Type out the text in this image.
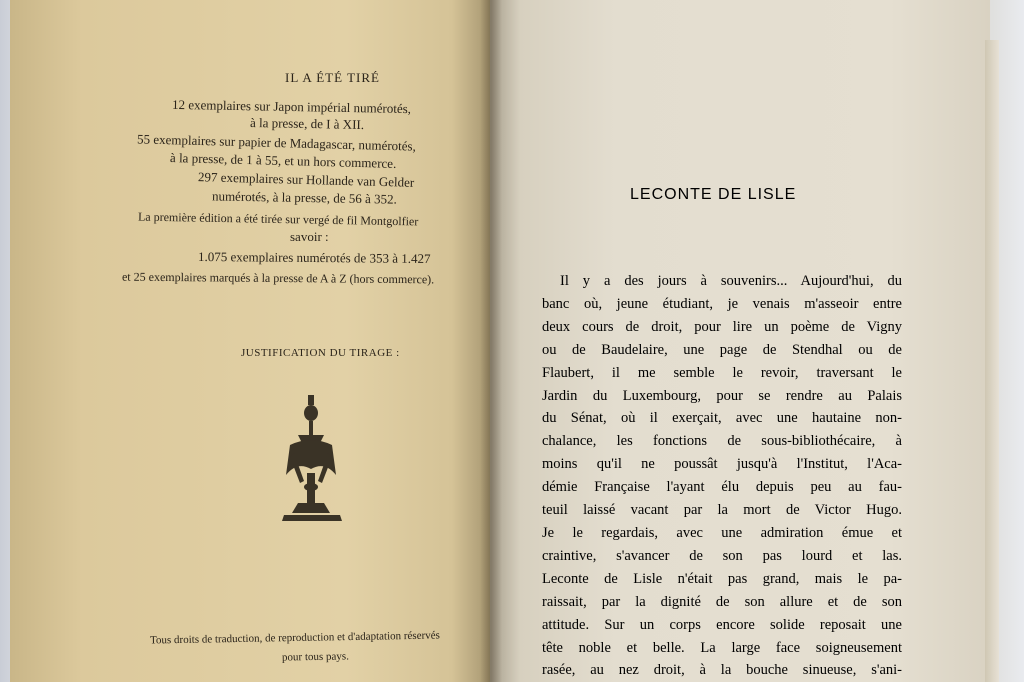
IL A ÉTÉ TIRÉ
12 exemplaires sur Japon impérial numérotés,
à la presse, de I à XII.
55 exemplaires sur papier de Madagascar, numérotés,
à la presse, de 1 à 55, et un hors commerce.
297 exemplaires sur Hollande van Gelder
numérotés, à la presse, de 56 à 352.
La première édition a été tirée sur vergé de fil Montgolfier
savoir :
1.075 exemplaires numérotés de 353 à 1.427
et 25 exemplaires marqués à la presse de A à Z (hors commerce).
JUSTIFICATION DU TIRAGE :
Tous droits de traduction, de reproduction et d'adaptation réservés
pour tous pays.
LECONTE DE LISLE
Il y a des jours à souvenirs... Aujourd'hui, du
banc où, jeune étudiant, je venais m'asseoir entre
deux cours de droit, pour lire un poème de Vigny
ou de Baudelaire, une page de Stendhal ou de
Flaubert, il me semble le revoir, traversant le
Jardin du Luxembourg, pour se rendre au Palais
du Sénat, où il exerçait, avec une hautaine non-
chalance, les fonctions de sous-bibliothécaire, à
moins qu'il ne poussât jusqu'à l'Institut, l'Aca-
démie Française l'ayant élu depuis peu au fau-
teuil laissé vacant par la mort de Victor Hugo.
Je le regardais, avec une admiration émue et
craintive, s'avancer de son pas lourd et las.
Leconte de Lisle n'était pas grand, mais le pa-
raissait, par la dignité de son allure et de son
attitude. Sur un corps encore solide reposait une
tête noble et belle. La large face soigneusement
rasée, au nez droit, à la bouche sinueuse, s'ani-
